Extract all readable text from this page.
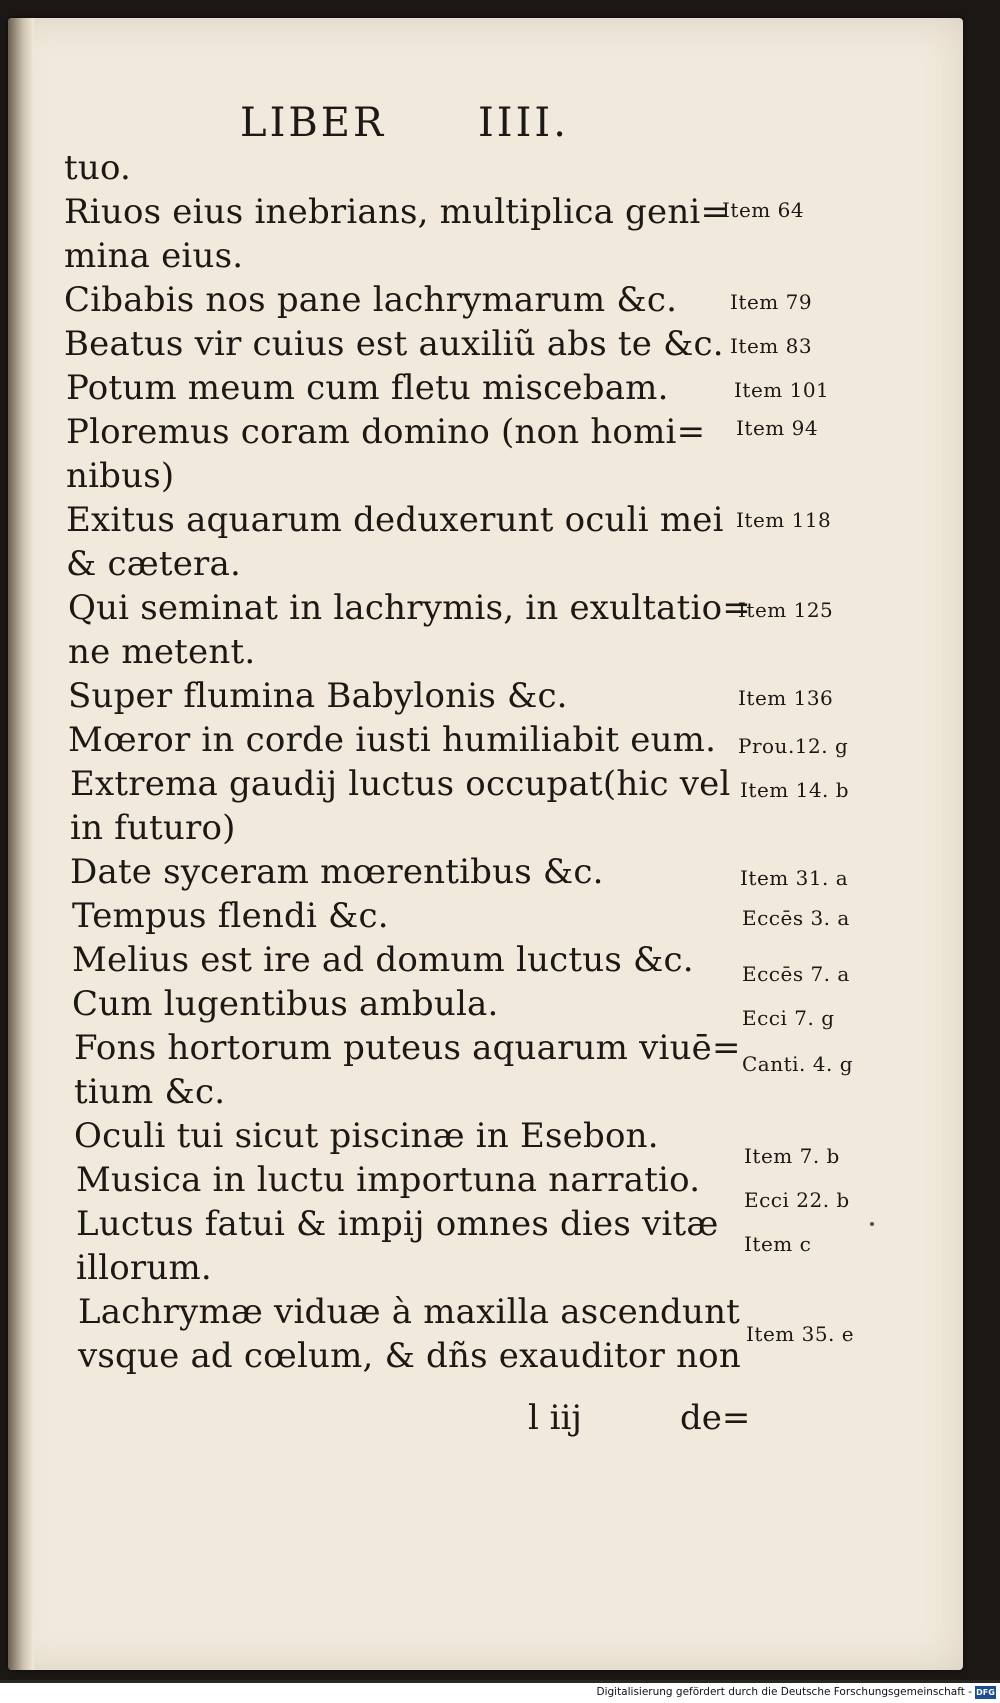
LIBER IIII.
tuo.
Riuos eius inebrians, multiplica geni=
mina eius.
Cibabis nos pane lachrymarum &c.
Beatus vir cuius est auxiliũ abs te &c.
Potum meum cum fletu miscebam.
Ploremus coram domino (non homi=
nibus)
Exitus aquarum deduxerunt oculi mei
& cætera.
Qui seminat in lachrymis, in exultatio=
ne metent.
Super flumina Babylonis &c.
Mœror in corde iusti humiliabit eum.
Extrema gaudij luctus occupat(hic vel
in futuro)
Date syceram mœrentibus &c.
Tempus flendi &c.
Melius est ire ad domum luctus &c.
Cum lugentibus ambula.
Fons hortorum puteus aquarum viuē=
tium &c.
Oculi tui sicut piscinæ in Esebon.
Musica in luctu importuna narratio.
Luctus fatui & impij omnes dies vitæ
illorum.
Lachrymæ viduæ à maxilla ascendunt
vsque ad cœlum, & dñs exauditor non
Item 64
Item 79
Item 83
Item 101
Item 94
Item 118
Item 125
Item 136
Prou.12. g
Item 14. b
Item 31. a
Eccēs 3. a
Eccēs 7. a
Ecci 7. g
Canti. 4. g
Item 7. b
Ecci 22. b
Item c
Item 35. e
l iij	de=
Digitalisierung gefördert durch die Deutsche Forschungsgemeinschaft - DFG
